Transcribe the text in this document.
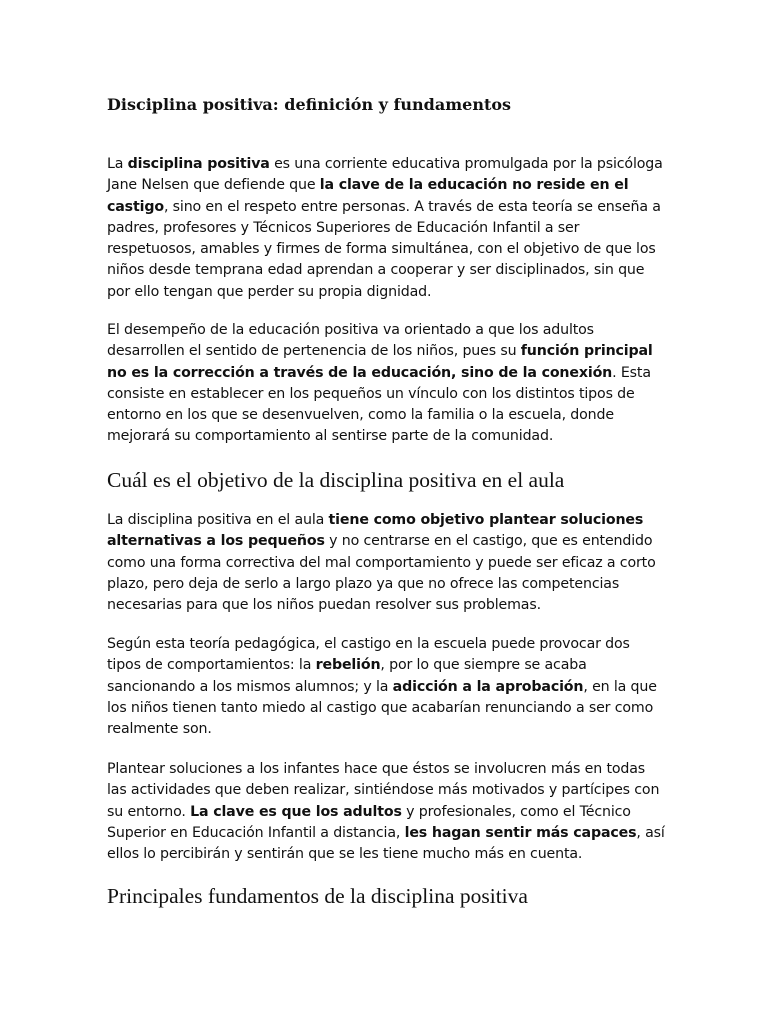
Disciplina positiva: definición y fundamentos

La disciplina positiva es una corriente educativa promulgada por la psicóloga Jane Nelsen que defiende que la clave de la educación no reside en el castigo, sino en el respeto entre personas. A través de esta teoría se enseña a padres, profesores y Técnicos Superiores de Educación Infantil a ser respetuosos, amables y firmes de forma simultánea, con el objetivo de que los niños desde temprana edad aprendan a cooperar y ser disciplinados, sin que por ello tengan que perder su propia dignidad.

El desempeño de la educación positiva va orientado a que los adultos desarrollen el sentido de pertenencia de los niños, pues su función principal no es la corrección a través de la educación, sino de la conexión. Esta consiste en establecer en los pequeños un vínculo con los distintos tipos de entorno en los que se desenvuelven, como la familia o la escuela, donde mejorará su comportamiento al sentirse parte de la comunidad.

Cuál es el objetivo de la disciplina positiva en el aula

La disciplina positiva en el aula tiene como objetivo plantear soluciones alternativas a los pequeños y no centrarse en el castigo, que es entendido como una forma correctiva del mal comportamiento y puede ser eficaz a corto plazo, pero deja de serlo a largo plazo ya que no ofrece las competencias necesarias para que los niños puedan resolver sus problemas.

Según esta teoría pedagógica, el castigo en la escuela puede provocar dos tipos de comportamientos: la rebelión, por lo que siempre se acaba sancionando a los mismos alumnos; y la adicción a la aprobación, en la que los niños tienen tanto miedo al castigo que acabarían renunciando a ser como realmente son.

Plantear soluciones a los infantes hace que éstos se involucren más en todas las actividades que deben realizar, sintiéndose más motivados y partícipes con su entorno. La clave es que los adultos y profesionales, como el Técnico Superior en Educación Infantil a distancia, les hagan sentir más capaces, así ellos lo percibirán y sentirán que se les tiene mucho más en cuenta.

Principales fundamentos de la disciplina positiva
